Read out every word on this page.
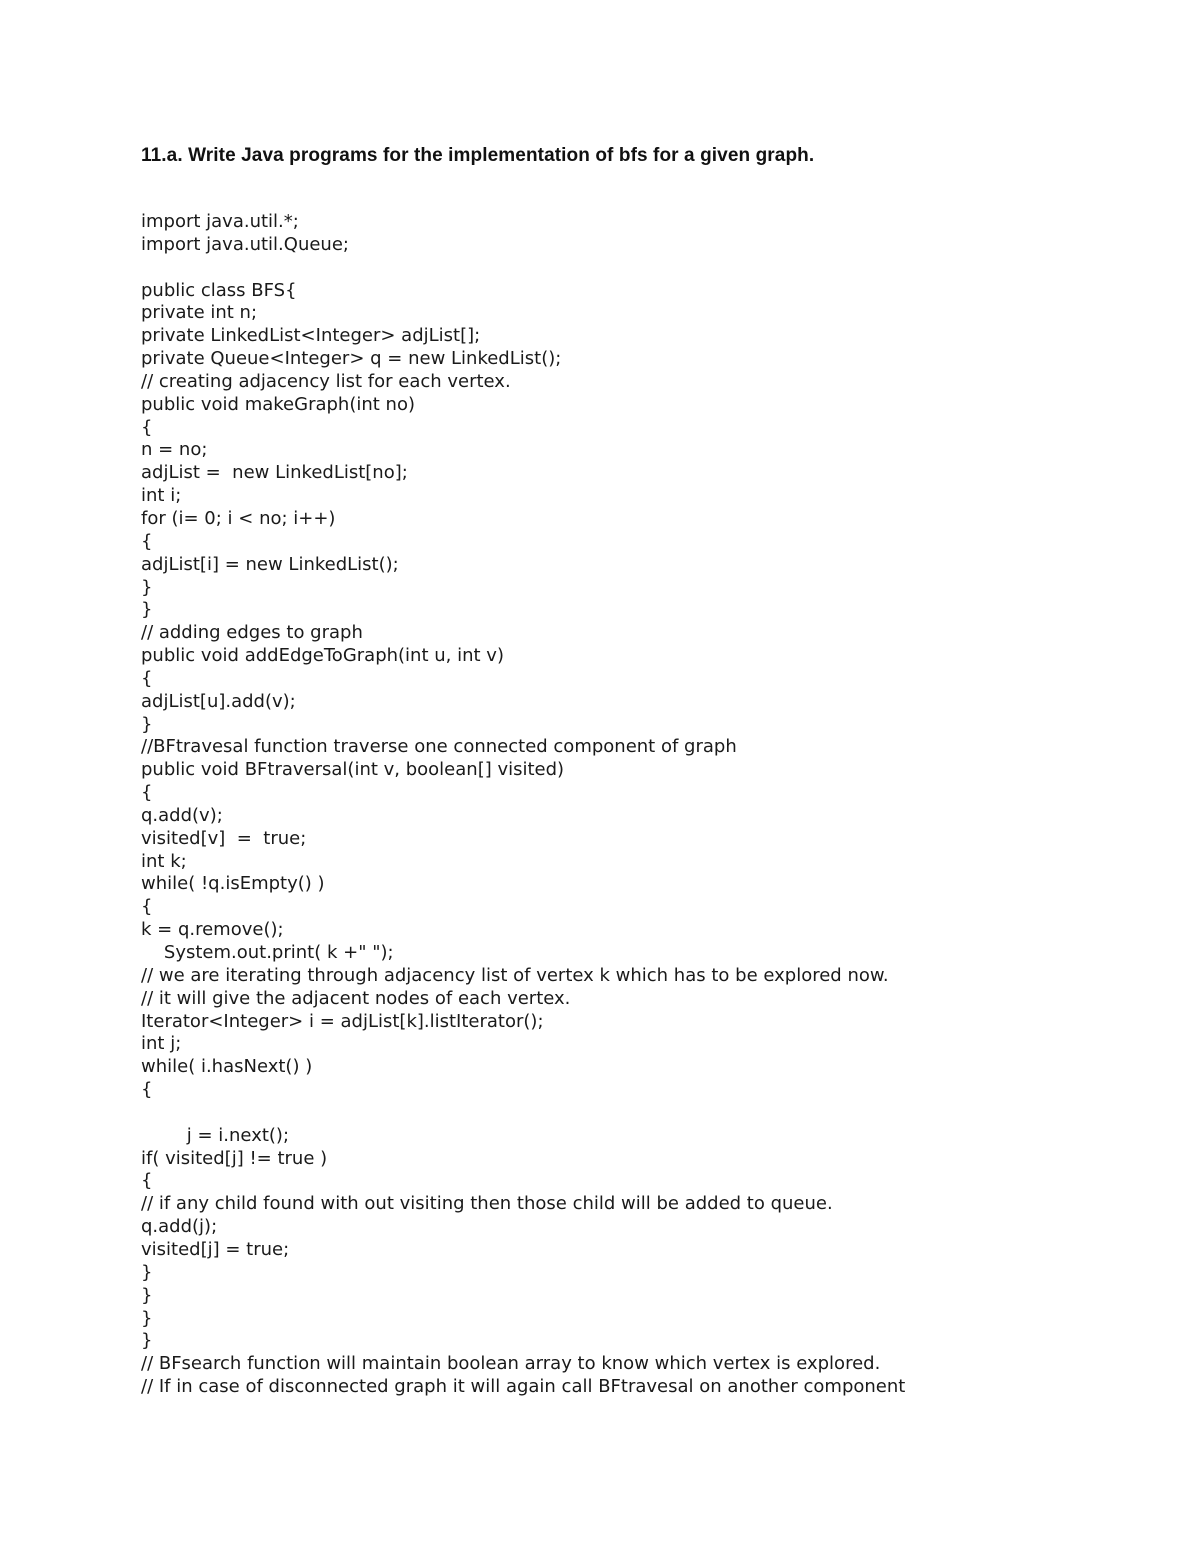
11.a. Write Java programs for the implementation of bfs for a given graph.
import java.util.*;
import java.util.Queue;
public class BFS{
private int n;
private LinkedList<Integer> adjList[];
private Queue<Integer> q = new LinkedList();
// creating adjacency list for each vertex.
public void makeGraph(int no)
{
n = no;
adjList =  new LinkedList[no];
int i;
for (i= 0; i < no; i++)
{
adjList[i] = new LinkedList();
}
}
// adding edges to graph
public void addEdgeToGraph(int u, int v)
{
adjList[u].add(v);
}
//BFtravesal function traverse one connected component of graph
public void BFtraversal(int v, boolean[] visited)
{
q.add(v);
visited[v]  =  true;
int k;
while( !q.isEmpty() )
{
k = q.remove();
System.out.print( k +" ");
// we are iterating through adjacency list of vertex k which has to be explored now.
// it will give the adjacent nodes of each vertex.
Iterator<Integer> i = adjList[k].listIterator();
int j;
while( i.hasNext() )
{
j = i.next();
if( visited[j] != true )
{
// if any child found with out visiting then those child will be added to queue.
q.add(j);
visited[j] = true;
}
}
}
}
// BFsearch function will maintain boolean array to know which vertex is explored.
// If in case of disconnected graph it will again call BFtravesal on another component
